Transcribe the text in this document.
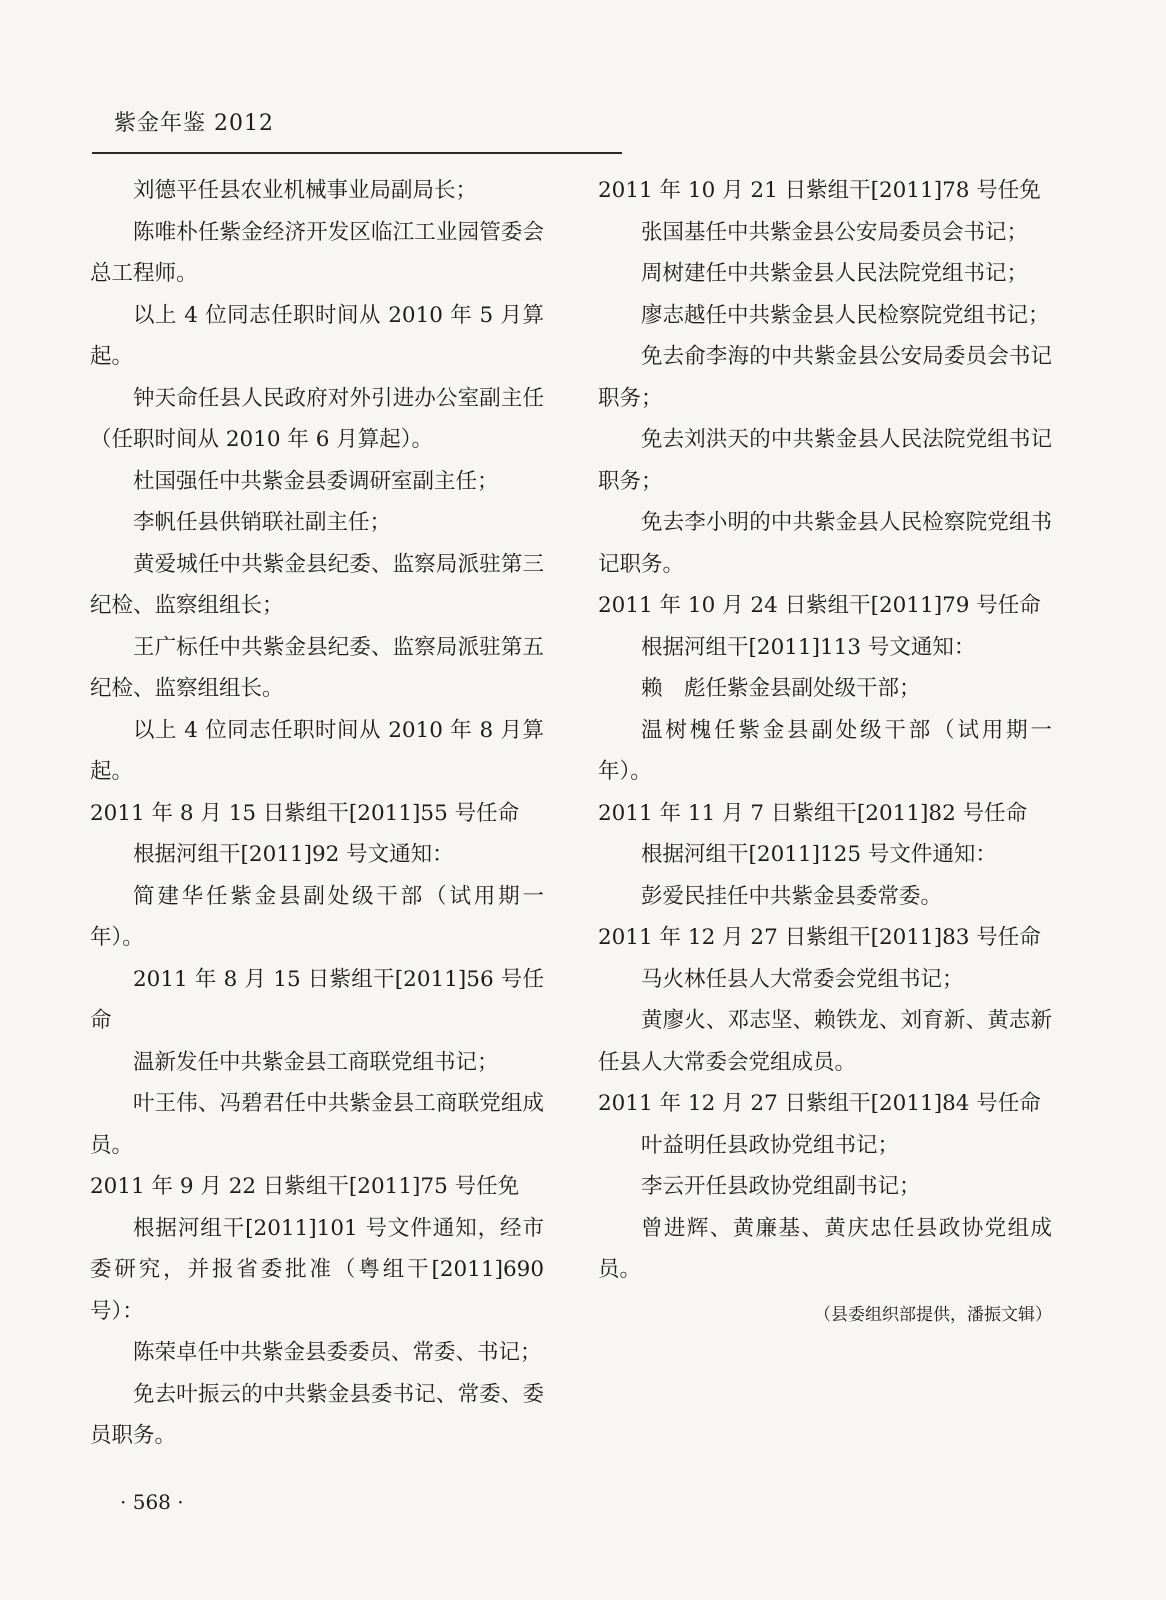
紫金年鉴 2012

刘德平任县农业机械事业局副局长；

陈唯朴任紫金经济开发区临江工业园管委会总工程师。

以上 4 位同志任职时间从 2010 年 5 月算起。

钟天命任县人民政府对外引进办公室副主任（任职时间从 2010 年 6 月算起）。

杜国强任中共紫金县委调研室副主任；

李帆任县供销联社副主任；

黄爱城任中共紫金县纪委、监察局派驻第三纪检、监察组组长；

王广标任中共紫金县纪委、监察局派驻第五纪检、监察组组长。

以上 4 位同志任职时间从 2010 年 8 月算起。

2011 年 8 月 15 日紫组干[2011]55 号任命

根据河组干[2011]92 号文通知：

简建华任紫金县副处级干部（试用期一年）。

2011 年 8 月 15 日紫组干[2011]56 号任命

温新发任中共紫金县工商联党组书记；

叶王伟、冯碧君任中共紫金县工商联党组成员。

2011 年 9 月 22 日紫组干[2011]75 号任免

根据河组干[2011]101 号文件通知，经市委研究，并报省委批准（粤组干[2011]690 号）：

陈荣卓任中共紫金县委委员、常委、书记；

免去叶振云的中共紫金县委书记、常委、委员职务。

2011 年 10 月 21 日紫组干[2011]78 号任免

张国基任中共紫金县公安局委员会书记；

周树建任中共紫金县人民法院党组书记；

廖志越任中共紫金县人民检察院党组书记；

免去俞李海的中共紫金县公安局委员会书记职务；

免去刘洪天的中共紫金县人民法院党组书记职务；

免去李小明的中共紫金县人民检察院党组书记职务。

2011 年 10 月 24 日紫组干[2011]79 号任命

根据河组干[2011]113 号文通知：

赖　彪任紫金县副处级干部；

温树槐任紫金县副处级干部（试用期一年）。

2011 年 11 月 7 日紫组干[2011]82 号任命

根据河组干[2011]125 号文件通知：

彭爱民挂任中共紫金县委常委。

2011 年 12 月 27 日紫组干[2011]83 号任命

马火林任县人大常委会党组书记；

黄廖火、邓志坚、赖铁龙、刘育新、黄志新任县人大常委会党组成员。

2011 年 12 月 27 日紫组干[2011]84 号任命

叶益明任县政协党组书记；

李云开任县政协党组副书记；

曾进辉、黄廉基、黄庆忠任县政协党组成员。

（县委组织部提供，潘振文辑）

· 568 ·
